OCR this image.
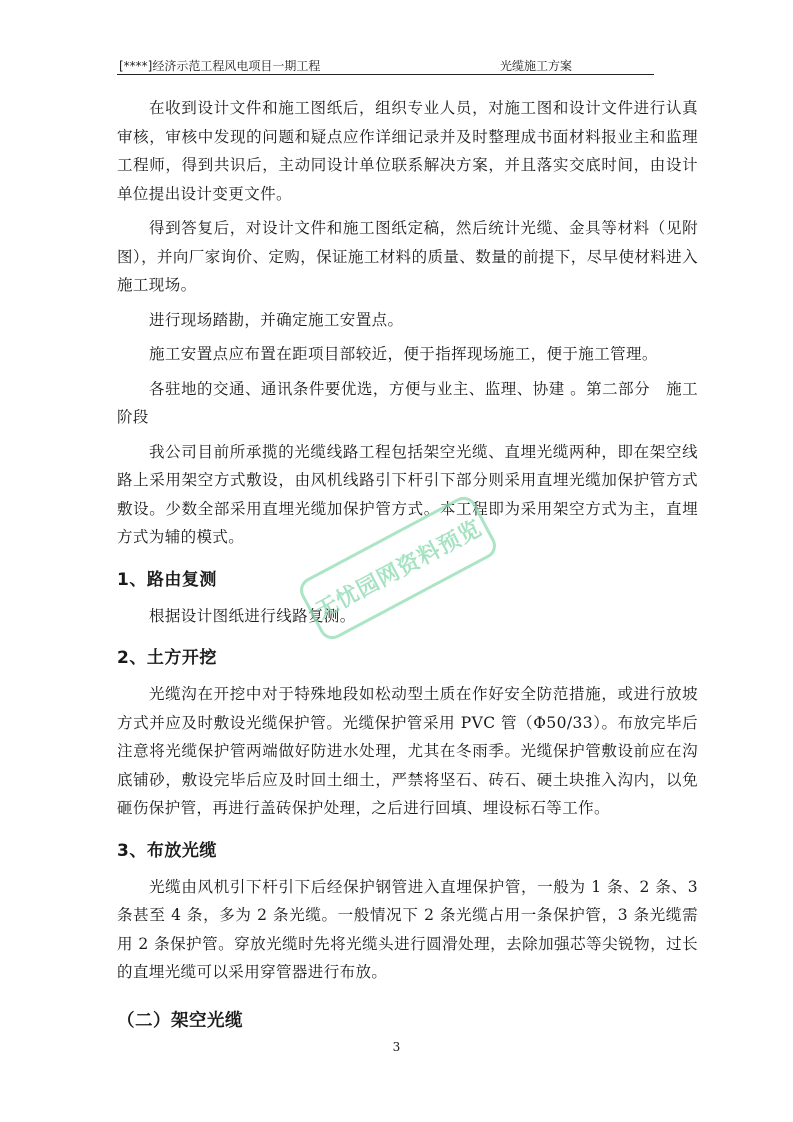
[****]经济示范工程风电项目一期工程	光缆施工方案

在收到设计文件和施工图纸后，组织专业人员，对施工图和设计文件进行认真审核，审核中发现的问题和疑点应作详细记录并及时整理成书面材料报业主和监理工程师，得到共识后，主动同设计单位联系解决方案，并且落实交底时间，由设计单位提出设计变更文件。

得到答复后，对设计文件和施工图纸定稿，然后统计光缆、金具等材料（见附图），并向厂家询价、定购，保证施工材料的质量、数量的前提下，尽早使材料进入施工现场。

进行现场踏勘，并确定施工安置点。

施工安置点应布置在距项目部较近，便于指挥现场施工，便于施工管理。

各驻地的交通、通讯条件要优选，方便与业主、监理、协建 。第二部分　施工阶段

我公司目前所承揽的光缆线路工程包括架空光缆、直埋光缆两种，即在架空线路上采用架空方式敷设，由风机线路引下杆引下部分则采用直埋光缆加保护管方式敷设。少数全部采用直埋光缆加保护管方式。本工程即为采用架空方式为主，直埋方式为辅的模式。

1、路由复测

根据设计图纸进行线路复测。

2、土方开挖

光缆沟在开挖中对于特殊地段如松动型土质在作好安全防范措施，或进行放坡方式并应及时敷设光缆保护管。光缆保护管采用 PVC 管（Φ50/33）。布放完毕后注意将光缆保护管两端做好防进水处理，尤其在冬雨季。光缆保护管敷设前应在沟底铺砂，敷设完毕后应及时回土细土，严禁将坚石、砖石、硬土块推入沟内，以免砸伤保护管，再进行盖砖保护处理，之后进行回填、埋设标石等工作。

3、布放光缆

光缆由风机引下杆引下后经保护钢管进入直埋保护管，一般为 1 条、2 条、3 条甚至 4 条，多为 2 条光缆。一般情况下 2 条光缆占用一条保护管，3 条光缆需用 2 条保护管。穿放光缆时先将光缆头进行圆滑处理，去除加强芯等尖锐物，过长的直埋光缆可以采用穿管器进行布放。

（二）架空光缆
无忧园网资料预览
3
